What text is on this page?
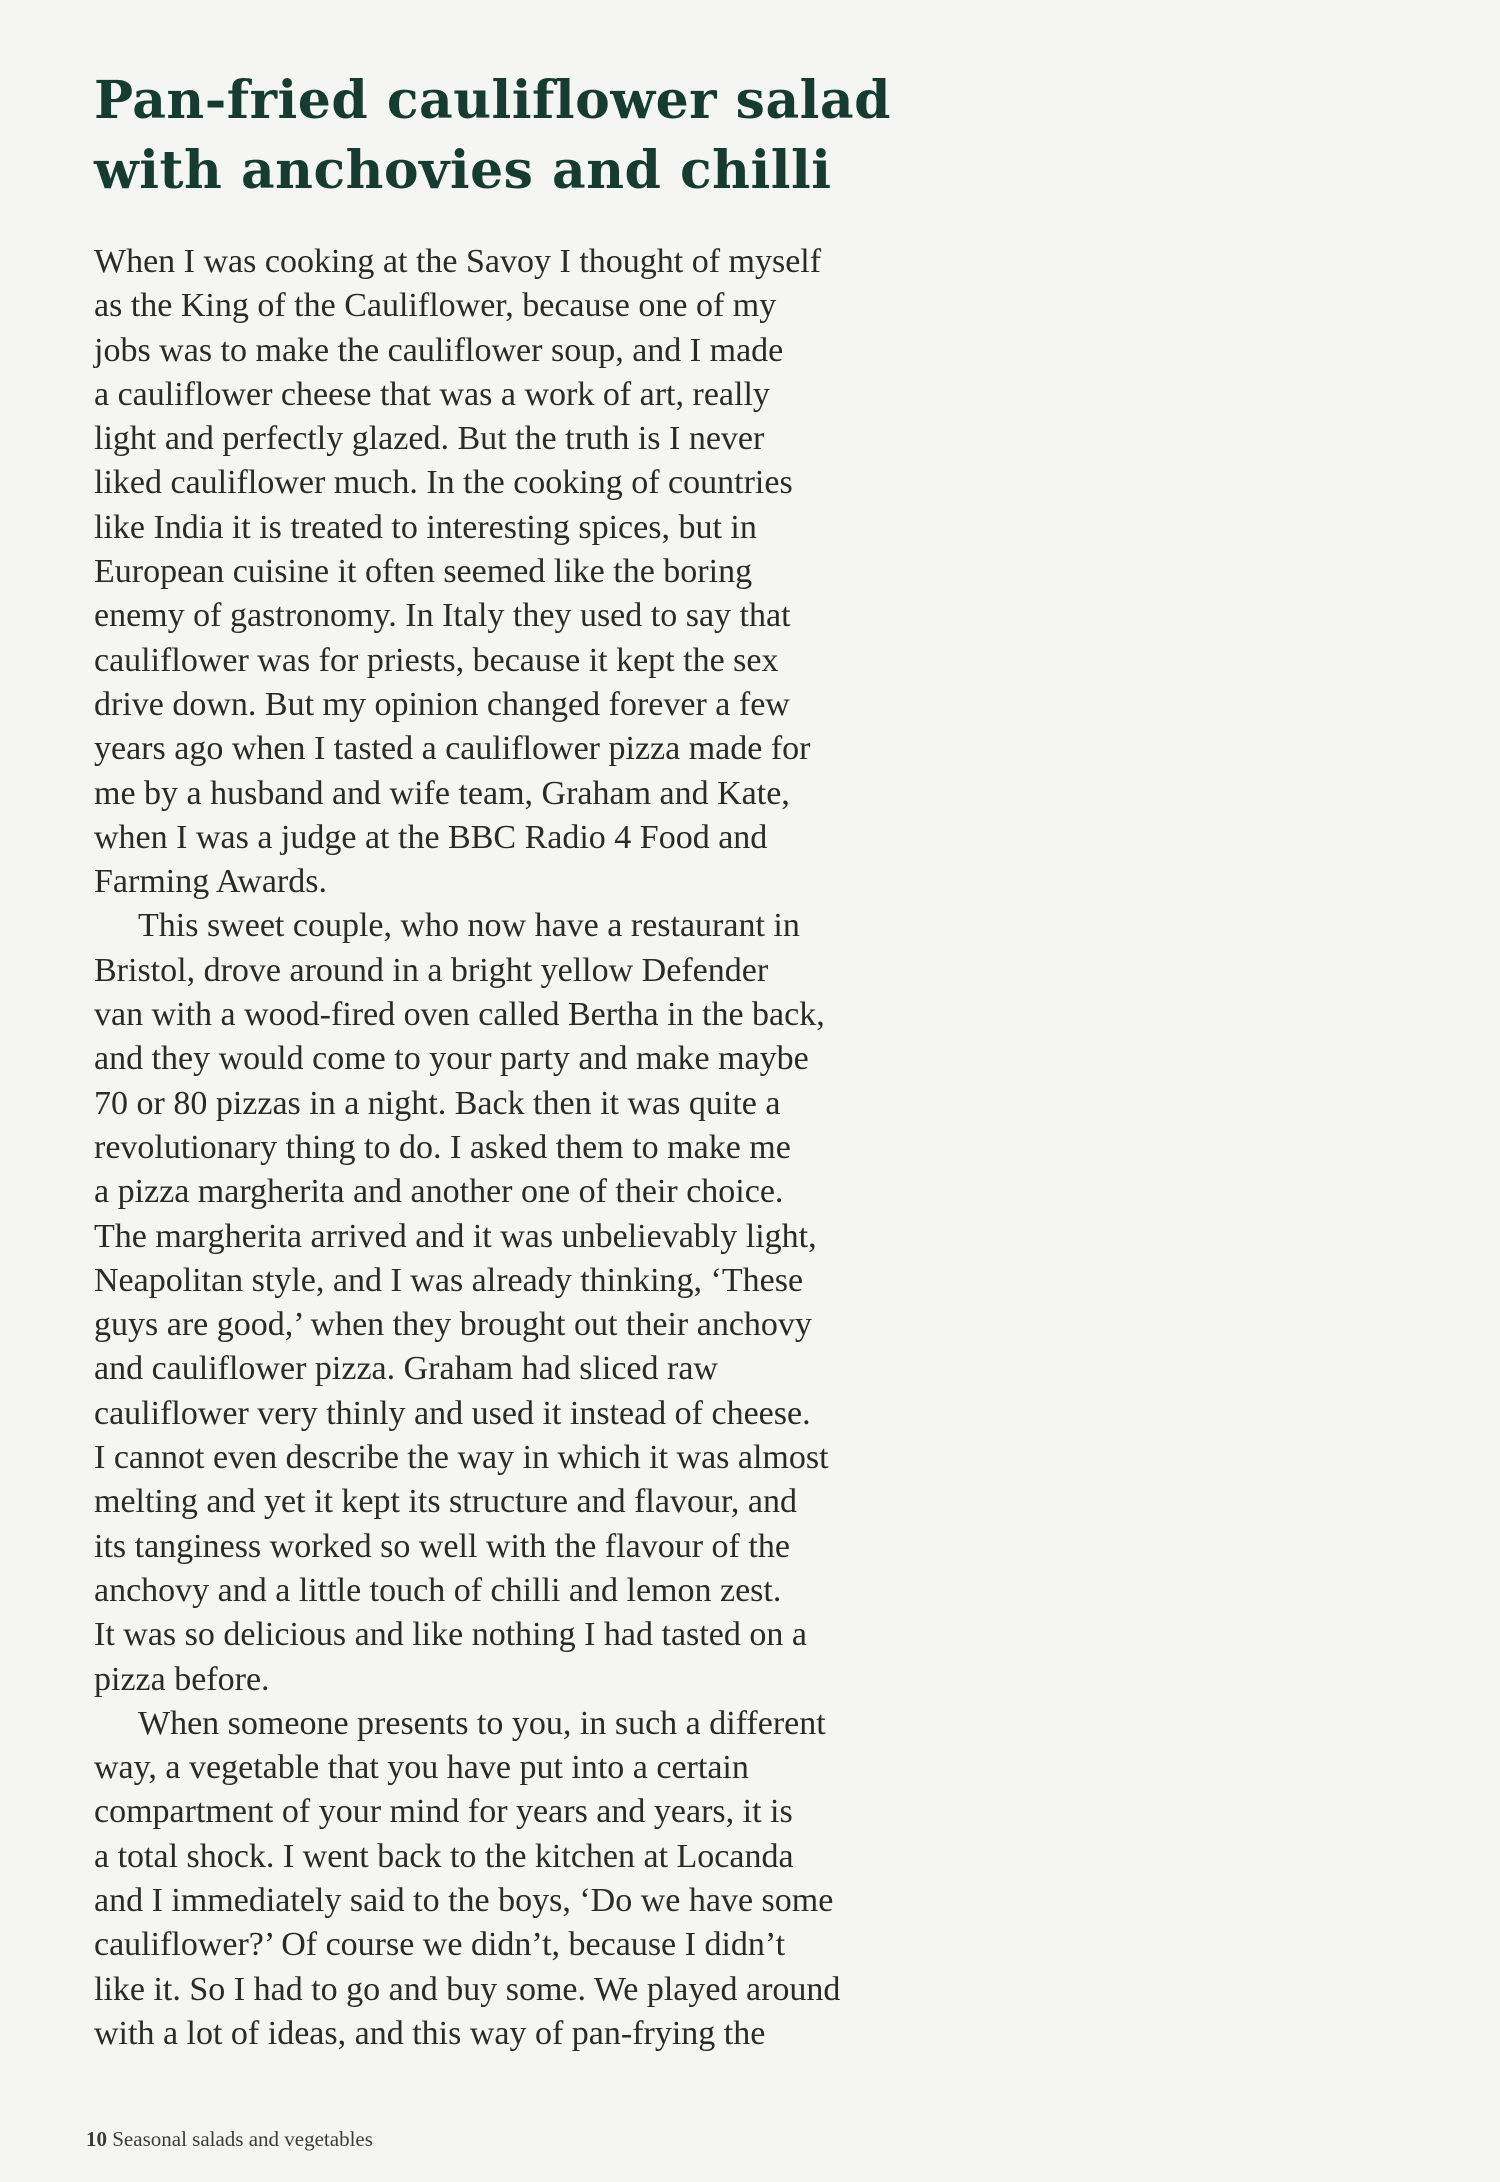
Pan-fried cauliflower salad
with anchovies and chilli

When I was cooking at the Savoy I thought of myself
as the King of the Cauliflower, because one of my
jobs was to make the cauliflower soup, and I made
a cauliflower cheese that was a work of art, really
light and perfectly glazed. But the truth is I never
liked cauliflower much. In the cooking of countries
like India it is treated to interesting spices, but in
European cuisine it often seemed like the boring
enemy of gastronomy. In Italy they used to say that
cauliflower was for priests, because it kept the sex
drive down. But my opinion changed forever a few
years ago when I tasted a cauliflower pizza made for
me by a husband and wife team, Graham and Kate,
when I was a judge at the BBC Radio 4 Food and
Farming Awards.

This sweet couple, who now have a restaurant in
Bristol, drove around in a bright yellow Defender
van with a wood-fired oven called Bertha in the back,
and they would come to your party and make maybe
70 or 80 pizzas in a night. Back then it was quite a
revolutionary thing to do. I asked them to make me
a pizza margherita and another one of their choice.
The margherita arrived and it was unbelievably light,
Neapolitan style, and I was already thinking, ‘These
guys are good,’ when they brought out their anchovy
and cauliflower pizza. Graham had sliced raw
cauliflower very thinly and used it instead of cheese.
I cannot even describe the way in which it was almost
melting and yet it kept its structure and flavour, and
its tanginess worked so well with the flavour of the
anchovy and a little touch of chilli and lemon zest.
It was so delicious and like nothing I had tasted on a
pizza before.

When someone presents to you, in such a different
way, a vegetable that you have put into a certain
compartment of your mind for years and years, it is
a total shock. I went back to the kitchen at Locanda
and I immediately said to the boys, ‘Do we have some
cauliflower?’ Of course we didn’t, because I didn’t
like it. So I had to go and buy some. We played around
with a lot of ideas, and this way of pan-frying the

10 Seasonal salads and vegetables
